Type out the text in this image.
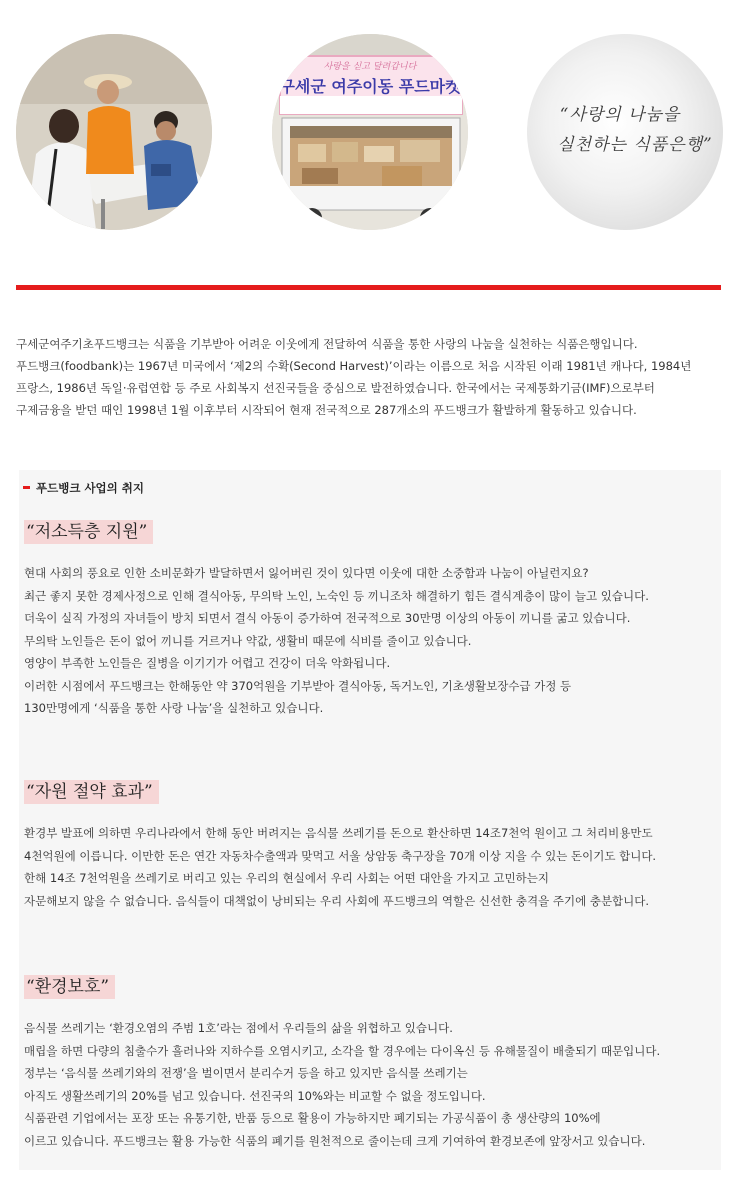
사랑을 싣고 달려갑니다
구세군 여주이동 푸드마켓
“사랑의 나눔을
실천하는 식품은행”

구세군여주기초푸드뱅크는 식품을 기부받아 어려운 이웃에게 전달하여 식품을 통한 사랑의 나눔을 실천하는 식품은행입니다.

푸드뱅크(foodbank)는 1967년 미국에서 ‘제2의 수확(Second Harvest)’이라는 이름으로 처음 시작된 이래 1981년 캐나다, 1984년

프랑스, 1986년 독일·유럽연합 등 주로 사회복지 선진국들을 중심으로 발전하였습니다. 한국에서는 국제통화기금(IMF)으로부터

구제금융을 받던 때인 1998년 1월 이후부터 시작되어 현재 전국적으로 287개소의 푸드뱅크가 활발하게 활동하고 있습니다.

푸드뱅크 사업의 취지
“저소득층 지원”

현대 사회의 풍요로 인한 소비문화가 발달하면서 잃어버린 것이 있다면 이웃에 대한 소중함과 나눔이 아닐런지요?

최근 좋지 못한 경제사정으로 인해 결식아동, 무의탁 노인, 노숙인 등 끼니조차 해결하기 힘든 결식계층이 많이 늘고 있습니다.

더욱이 실직 가정의 자녀들이 방치 되면서 결식 아동이 증가하여 전국적으로 30만명 이상의 아동이 끼니를 굶고 있습니다.

무의탁 노인들은 돈이 없어 끼니를 거르거나 약값, 생활비 때문에 식비를 줄이고 있습니다.

영양이 부족한 노인들은 질병을 이기기가 어렵고 건강이 더욱 악화됩니다.

이러한 시점에서 푸드뱅크는 한해동안 약 370억원을 기부받아 결식아동, 독거노인, 기초생활보장수급 가정 등

130만명에게 ‘식품을 통한 사랑 나눔’을 실천하고 있습니다.

“자원 절약 효과”

환경부 발표에 의하면 우리나라에서 한해 동안 버려지는 음식물 쓰레기를 돈으로 환산하면 14조7천억 원이고 그 처리비용만도

4천억원에 이릅니다. 이만한 돈은 연간 자동차수출액과 맞먹고 서울 상암동 축구장을 70개 이상 지을 수 있는 돈이기도 합니다.

한해 14조 7천억원을 쓰레기로 버리고 있는 우리의 현실에서 우리 사회는 어떤 대안을 가지고 고민하는지

자문해보지 않을 수 없습니다. 음식들이 대책없이 낭비되는 우리 사회에 푸드뱅크의 역할은 신선한 충격을 주기에 충분합니다.

“환경보호”

음식물 쓰레기는 ‘환경오염의 주범 1호’라는 점에서 우리들의 삶을 위협하고 있습니다.

매립을 하면 다량의 침출수가 흘러나와 지하수를 오염시키고, 소각을 할 경우에는 다이옥신 등 유해물질이 배출되기 때문입니다.

정부는 ‘음식물 쓰레기와의 전쟁’을 벌이면서 분리수거 등을 하고 있지만 음식물 쓰레기는

아직도 생활쓰레기의 20%를 넘고 있습니다. 선진국의 10%와는 비교할 수 없을 정도입니다.

식품관련 기업에서는 포장 또는 유통기한, 반품 등으로 활용이 가능하지만 폐기되는 가공식품이 총 생산량의 10%에

이르고 있습니다. 푸드뱅크는 활용 가능한 식품의 폐기를 원천적으로 줄이는데 크게 기여하여 환경보존에 앞장서고 있습니다.
